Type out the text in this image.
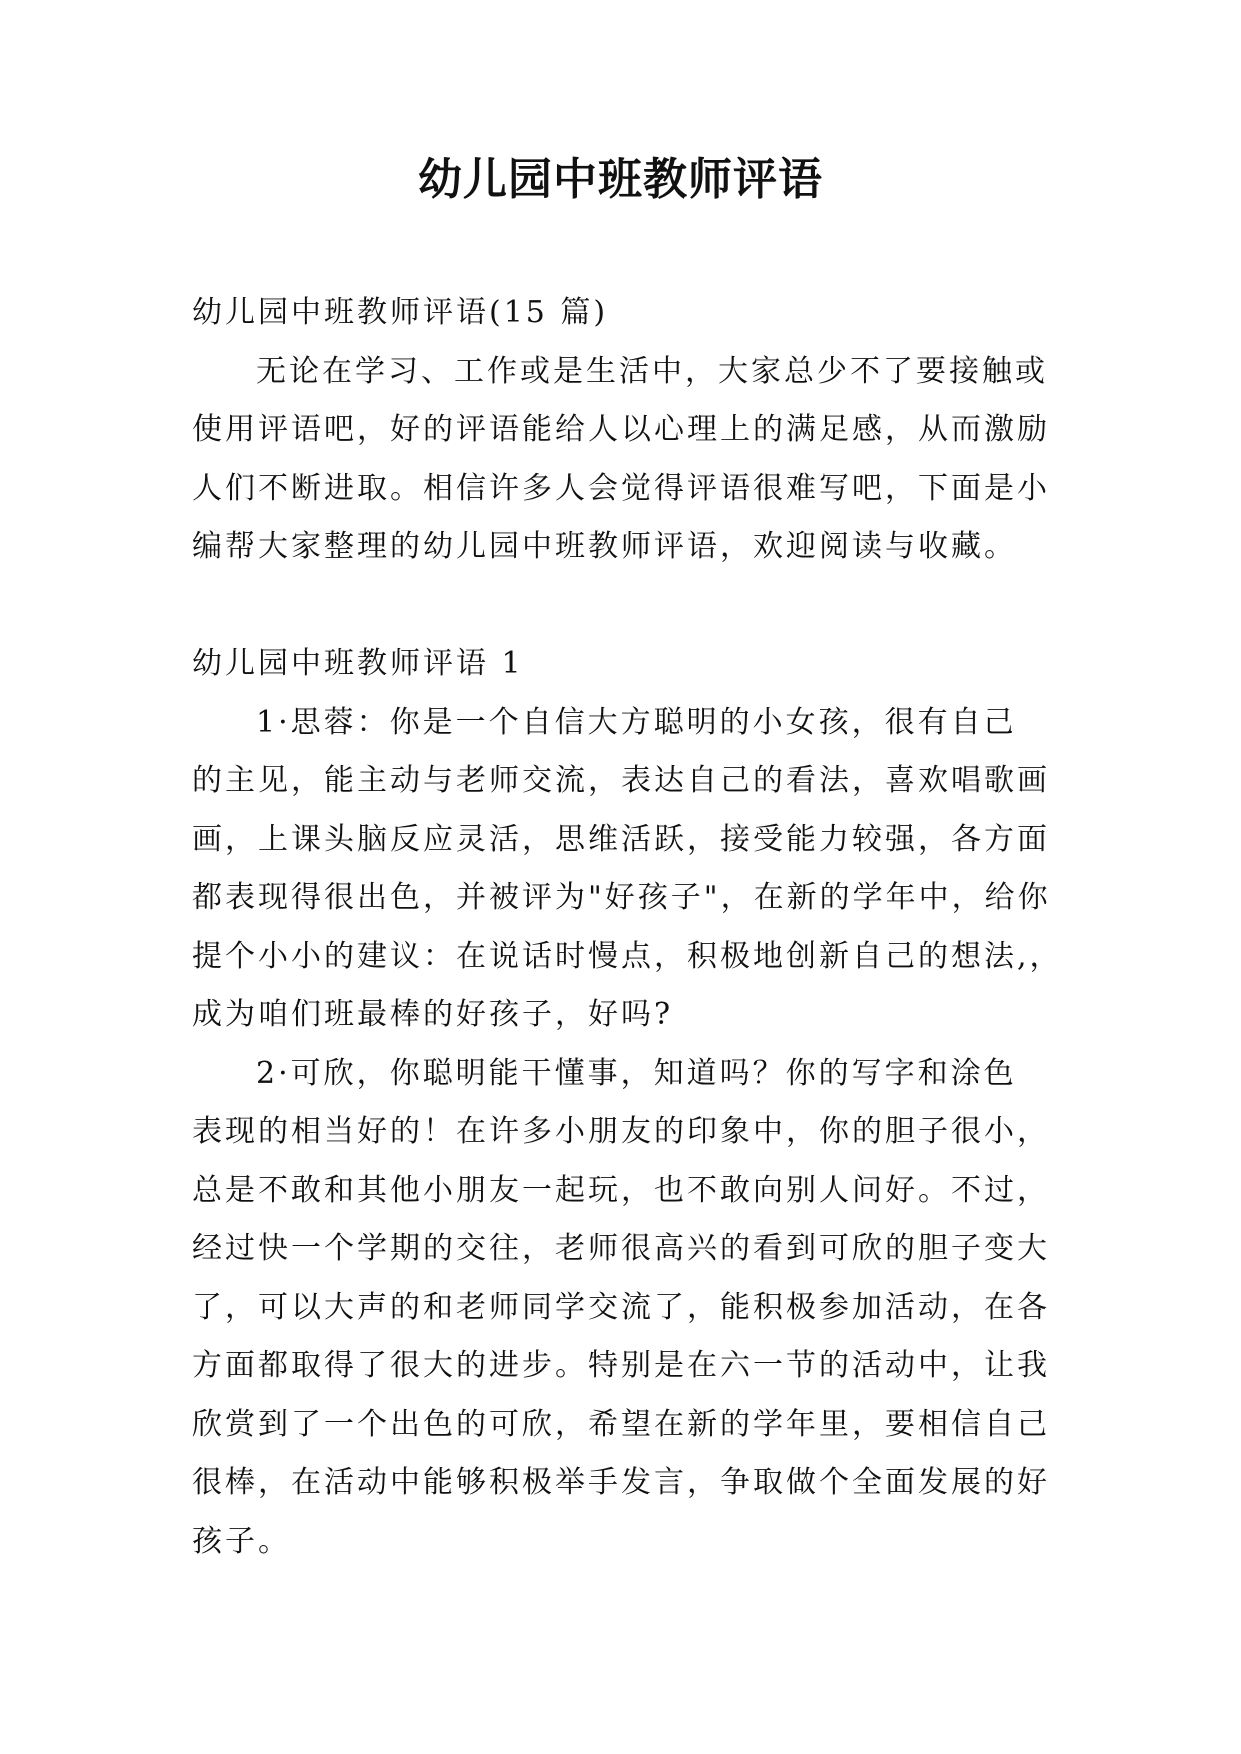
幼儿园中班教师评语
幼儿园中班教师评语(15 篇)
无论在学习、工作或是生活中，大家总少不了要接触或
使用评语吧，好的评语能给人以心理上的满足感，从而激励
人们不断进取。相信许多人会觉得评语很难写吧，下面是小
编帮大家整理的幼儿园中班教师评语，欢迎阅读与收藏。
幼儿园中班教师评语 1
1·思蓉：你是一个自信大方聪明的小女孩，很有自己
的主见，能主动与老师交流，表达自己的看法，喜欢唱歌画
画，上课头脑反应灵活，思维活跃，接受能力较强，各方面
都表现得很出色，并被评为"好孩子"，在新的学年中，给你
提个小小的建议：在说话时慢点，积极地创新自己的想法,，
成为咱们班最棒的好孩子，好吗?
2·可欣，你聪明能干懂事，知道吗？你的写字和涂色
表现的相当好的！在许多小朋友的印象中，你的胆子很小，
总是不敢和其他小朋友一起玩，也不敢向别人问好。不过，
经过快一个学期的交往，老师很高兴的看到可欣的胆子变大
了，可以大声的和老师同学交流了，能积极参加活动，在各
方面都取得了很大的进步。特别是在六一节的活动中，让我
欣赏到了一个出色的可欣，希望在新的学年里，要相信自己
很棒，在活动中能够积极举手发言，争取做个全面发展的好
孩子。
